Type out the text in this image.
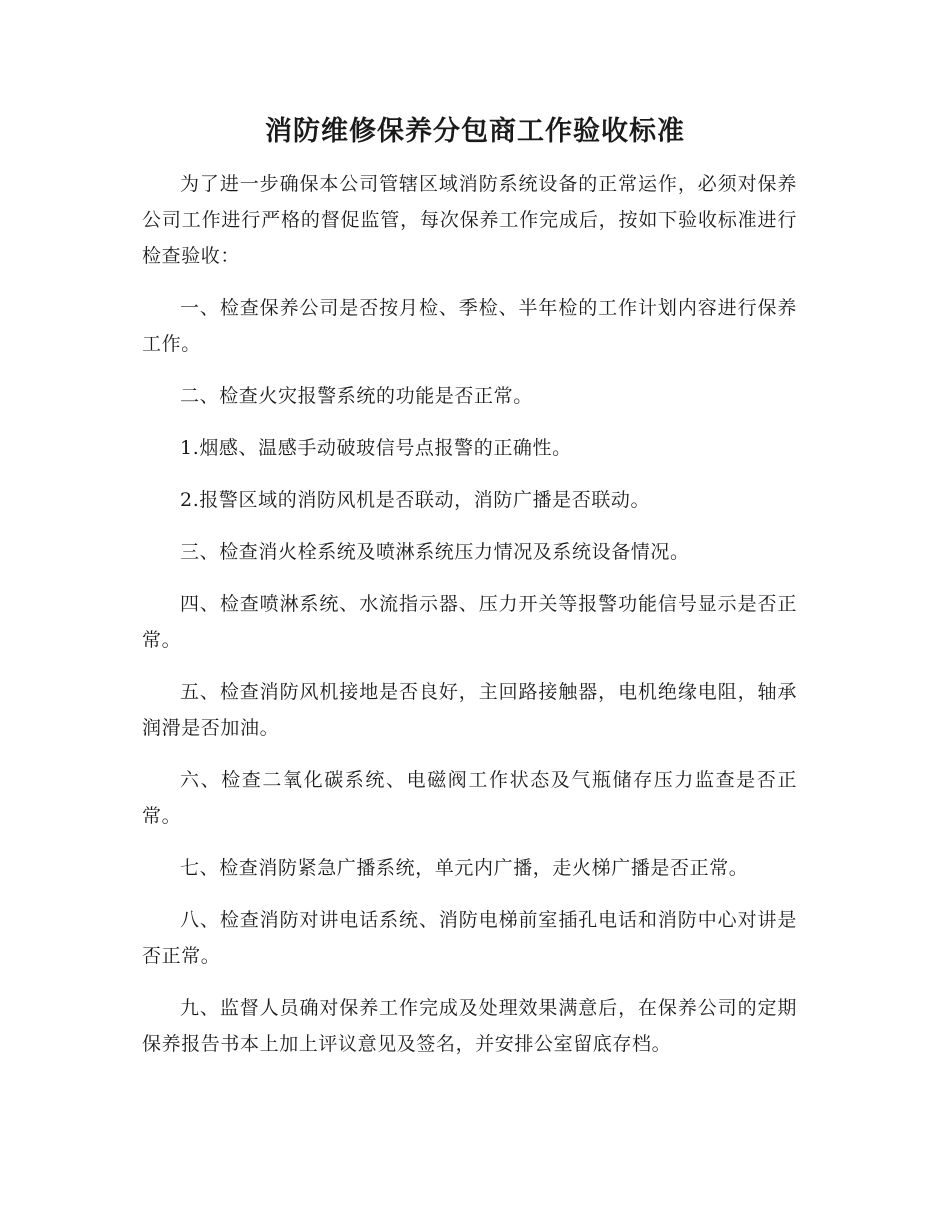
消防维修保养分包商工作验收标准

为了进一步确保本公司管辖区域消防系统设备的正常运作，必须对保养公司工作进行严格的督促监管，每次保养工作完成后，按如下验收标准进行检查验收：

一、检查保养公司是否按月检、季检、半年检的工作计划内容进行保养工作。

二、检查火灾报警系统的功能是否正常。

1.烟感、温感手动破玻信号点报警的正确性。

2.报警区域的消防风机是否联动，消防广播是否联动。

三、检查消火栓系统及喷淋系统压力情况及系统设备情况。

四、检查喷淋系统、水流指示器、压力开关等报警功能信号显示是否正常。

五、检查消防风机接地是否良好，主回路接触器，电机绝缘电阻，轴承润滑是否加油。

六、检查二氧化碳系统、电磁阀工作状态及气瓶储存压力监查是否正常。

七、检查消防紧急广播系统，单元内广播，走火梯广播是否正常。

八、检查消防对讲电话系统、消防电梯前室插孔电话和消防中心对讲是否正常。

九、监督人员确对保养工作完成及处理效果满意后，在保养公司的定期保养报告书本上加上评议意见及签名，并安排公室留底存档。
